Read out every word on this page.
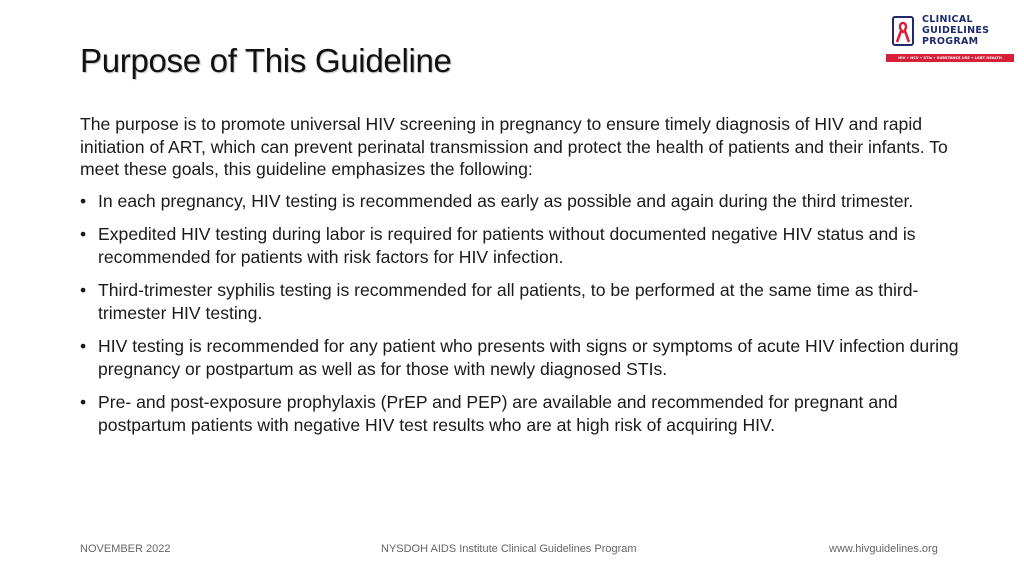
Purpose of This Guideline
CLINICAL
GUIDELINES
PROGRAM
HIV • HCV • STIs • SUBSTANCE USE • LGBT HEALTH

The purpose is to promote universal HIV screening in pregnancy to ensure timely diagnosis of HIV and rapid initiation of ART, which can prevent perinatal transmission and protect the health of patients and their infants. To meet these goals, this guideline emphasizes the following:

• In each pregnancy, HIV testing is recommended as early as possible and again during the third trimester.
• Expedited HIV testing during labor is required for patients without documented negative HIV status and is recommended for patients with risk factors for HIV infection.
• Third-trimester syphilis testing is recommended for all patients, to be performed at the same time as third-trimester HIV testing.
• HIV testing is recommended for any patient who presents with signs or symptoms of acute HIV infection during pregnancy or postpartum as well as for those with newly diagnosed STIs.
• Pre- and post-exposure prophylaxis (PrEP and PEP) are available and recommended for pregnant and postpartum patients with negative HIV test results who are at high risk of acquiring HIV.
NOVEMBER 2022	NYSDOH AIDS Institute Clinical Guidelines Program	www.hivguidelines.org
